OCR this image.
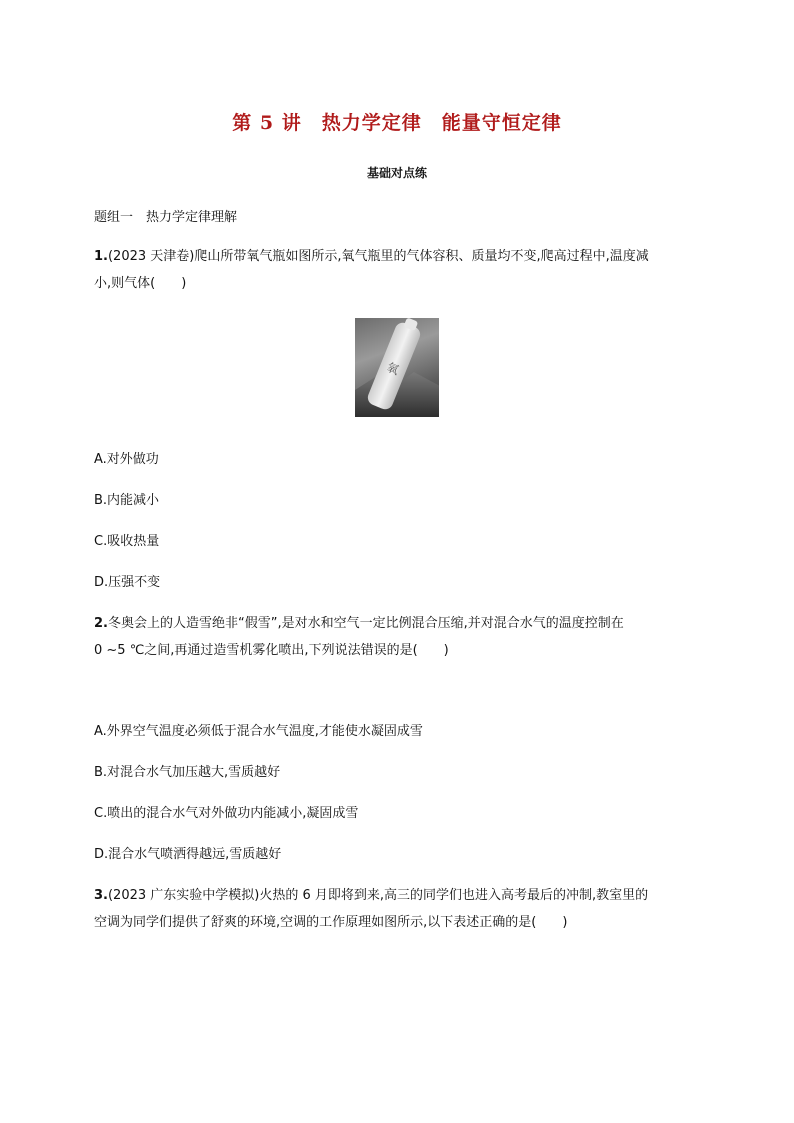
第 5 讲　热力学定律　能量守恒定律
基础对点练
题组一　热力学定律理解
1.(2023 天津卷)爬山所带氧气瓶如图所示,氧气瓶里的气体容积、质量均不变,爬高过程中,温度减
小,则气体(　　)
氧
A.对外做功
B.内能减小
C.吸收热量
D.压强不变
2.冬奥会上的人造雪绝非“假雪”,是对水和空气一定比例混合压缩,并对混合水气的温度控制在
0 ~5 ℃之间,再通过造雪机雾化喷出,下列说法错误的是(　　)
A.外界空气温度必须低于混合水气温度,才能使水凝固成雪
B.对混合水气加压越大,雪质越好
C.喷出的混合水气对外做功内能减小,凝固成雪
D.混合水气喷洒得越远,雪质越好
3.(2023 广东实验中学模拟)火热的 6 月即将到来,高三的同学们也进入高考最后的冲制,教室里的
空调为同学们提供了舒爽的环境,空调的工作原理如图所示,以下表述正确的是(　　)
